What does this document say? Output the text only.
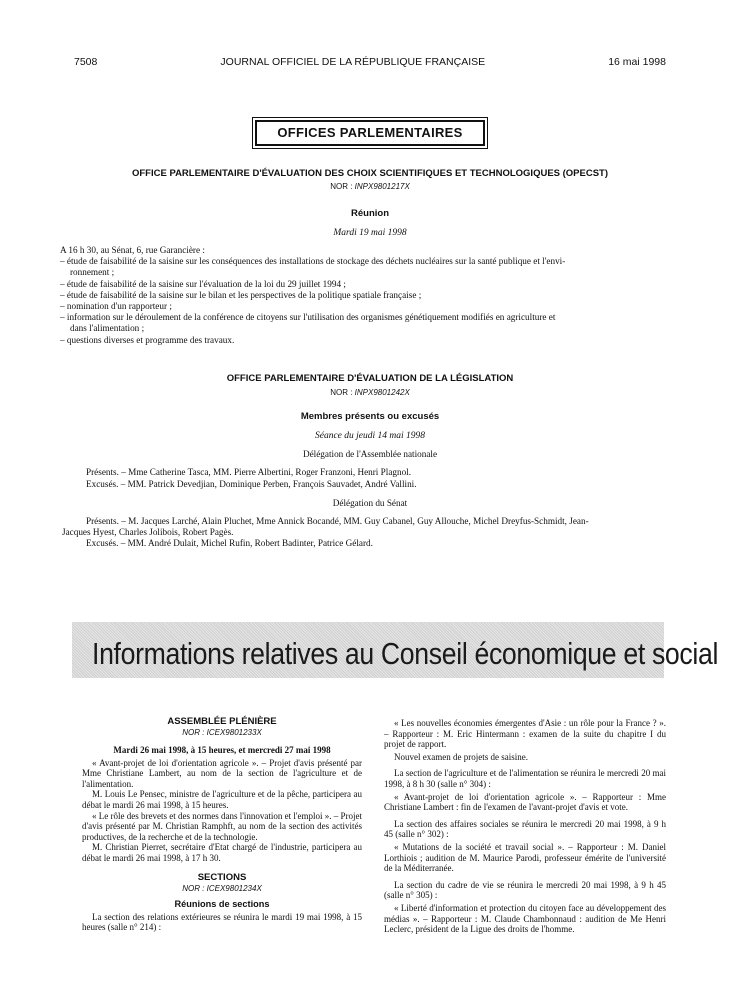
7508	JOURNAL OFFICIEL DE LA RÉPUBLIQUE FRANÇAISE	16 mai 1998
OFFICES PARLEMENTAIRES
OFFICE PARLEMENTAIRE D'ÉVALUATION DES CHOIX SCIENTIFIQUES ET TECHNOLOGIQUES (OPECST)
NOR : INPX9801217X
Réunion
Mardi 19 mai 1998
A 16 h 30, au Sénat, 6, rue Garancière :
– étude de faisabilité de la saisine sur les conséquences des installations de stockage des déchets nucléaires sur la santé publique et l'envi-
ronnement ;
– étude de faisabilité de la saisine sur l'évaluation de la loi du 29 juillet 1994 ;
– étude de faisabilité de la saisine sur le bilan et les perspectives de la politique spatiale française ;
– nomination d'un rapporteur ;
– information sur le déroulement de la conférence de citoyens sur l'utilisation des organismes génétiquement modifiés en agriculture et
dans l'alimentation ;
– questions diverses et programme des travaux.
OFFICE PARLEMENTAIRE D'ÉVALUATION DE LA LÉGISLATION
NOR : INPX9801242X
Membres présents ou excusés
Séance du jeudi 14 mai 1998
Délégation de l'Assemblée nationale
Présents. – Mme Catherine Tasca, MM. Pierre Albertini, Roger Franzoni, Henri Plagnol.
Excusés. – MM. Patrick Devedjian, Dominique Perben, François Sauvadet, André Vallini.
Délégation du Sénat
Présents. – M. Jacques Larché, Alain Pluchet, Mme Annick Bocandé, MM. Guy Cabanel, Guy Allouche, Michel Dreyfus-Schmidt, Jean-
Jacques Hyest, Charles Jolibois, Robert Pagès.
Excusés. – MM. André Dulait, Michel Rufin, Robert Badinter, Patrice Gélard.
Informations relatives au Conseil économique et social
ASSEMBLÉE PLÉNIÈRE
NOR : ICEX9801233X
Mardi 26 mai 1998, à 15 heures, et mercredi 27 mai 1998
« Avant-projet de loi d'orientation agricole ». – Projet d'avis présenté par Mme Christiane Lambert, au nom de la section de l'agriculture et de l'alimentation.
M. Louis Le Pensec, ministre de l'agriculture et de la pêche, participera au débat le mardi 26 mai 1998, à 15 heures.
« Le rôle des brevets et des normes dans l'innovation et l'emploi ». – Projet d'avis présenté par M. Christian Ramphft, au nom de la section des activités productives, de la recherche et de la technologie.
M. Christian Pierret, secrétaire d'Etat chargé de l'industrie, participera au débat le mardi 26 mai 1998, à 17 h 30.
SECTIONS
NOR : ICEX9801234X
Réunions de sections
La section des relations extérieures se réunira le mardi 19 mai 1998, à 15 heures (salle n° 214) :
« Les nouvelles économies émergentes d'Asie : un rôle pour la France ? ». – Rapporteur : M. Eric Hintermann : examen de la suite du chapitre I du projet de rapport.
Nouvel examen de projets de saisine.
La section de l'agriculture et de l'alimentation se réunira le mercredi 20 mai 1998, à 8 h 30 (salle n° 304) :
« Avant-projet de loi d'orientation agricole ». – Rapporteur : Mme Christiane Lambert : fin de l'examen de l'avant-projet d'avis et vote.
La section des affaires sociales se réunira le mercredi 20 mai 1998, à 9 h 45 (salle n° 302) :
« Mutations de la société et travail social ». – Rapporteur : M. Daniel Lorthiois ; audition de M. Maurice Parodi, professeur émérite de l'université de la Méditerranée.
La section du cadre de vie se réunira le mercredi 20 mai 1998, à 9 h 45 (salle n° 305) :
« Liberté d'information et protection du citoyen face au développement des médias ». – Rapporteur : M. Claude Chambonnaud : audition de Me Henri Leclerc, président de la Ligue des droits de l'homme.
